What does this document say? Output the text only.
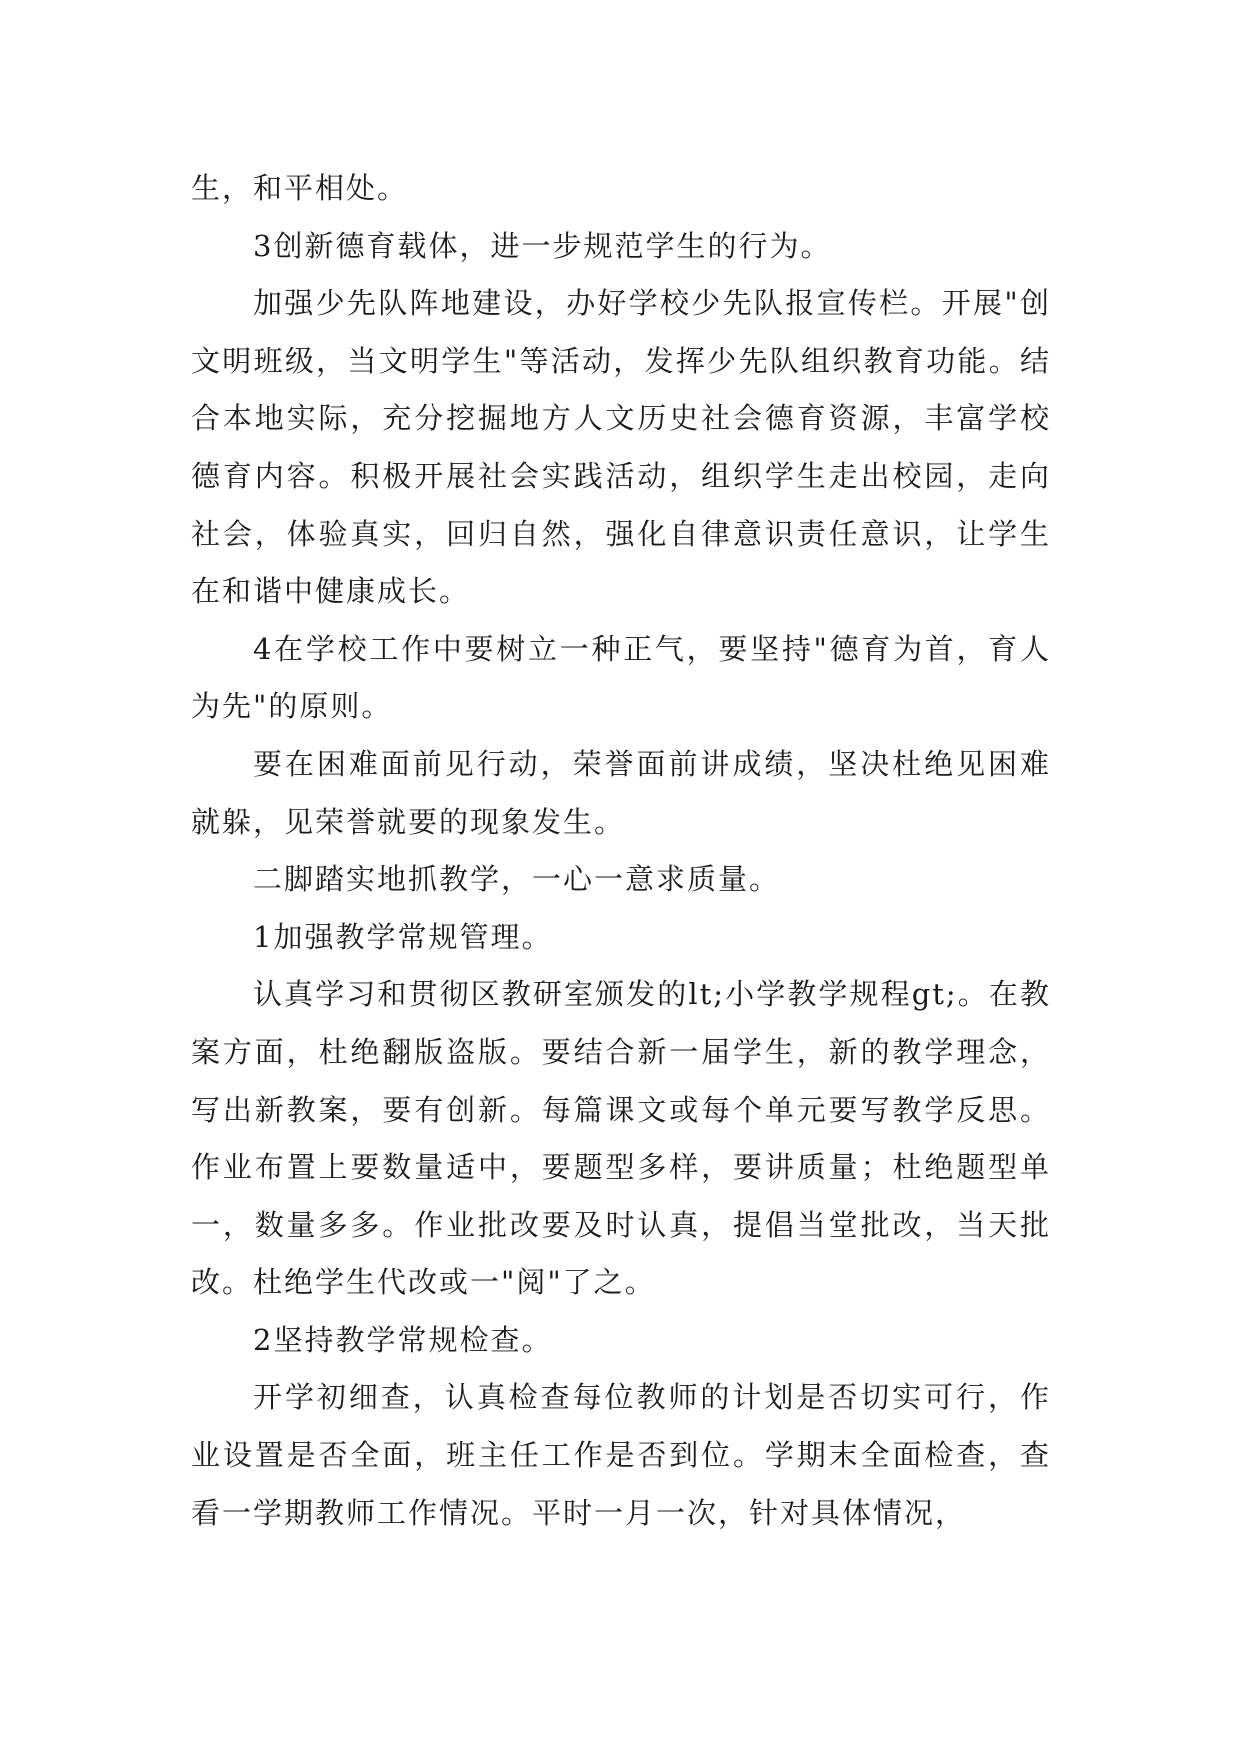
生，和平相处。

3创新德育载体，进一步规范学生的行为。

加强少先队阵地建设，办好学校少先队报宣传栏。开展"创文明班级，当文明学生"等活动，发挥少先队组织教育功能。结合本地实际，充分挖掘地方人文历史社会德育资源，丰富学校德育内容。积极开展社会实践活动，组织学生走出校园，走向社会，体验真实，回归自然，强化自律意识责任意识，让学生在和谐中健康成长。

4在学校工作中要树立一种正气，要坚持"德育为首，育人为先"的原则。

要在困难面前见行动，荣誉面前讲成绩，坚决杜绝见困难就躲，见荣誉就要的现象发生。

二脚踏实地抓教学，一心一意求质量。

1加强教学常规管理。

认真学习和贯彻区教研室颁发的lt;小学教学规程gt;。在教案方面，杜绝翻版盗版。要结合新一届学生，新的教学理念，写出新教案，要有创新。每篇课文或每个单元要写教学反思。作业布置上要数量适中，要题型多样，要讲质量；杜绝题型单一，数量多多。作业批改要及时认真，提倡当堂批改，当天批改。杜绝学生代改或一"阅"了之。

2坚持教学常规检查。

开学初细查，认真检查每位教师的计划是否切实可行，作业设置是否全面，班主任工作是否到位。学期末全面检查，查看一学期教师工作情况。平时一月一次，针对具体情况，
